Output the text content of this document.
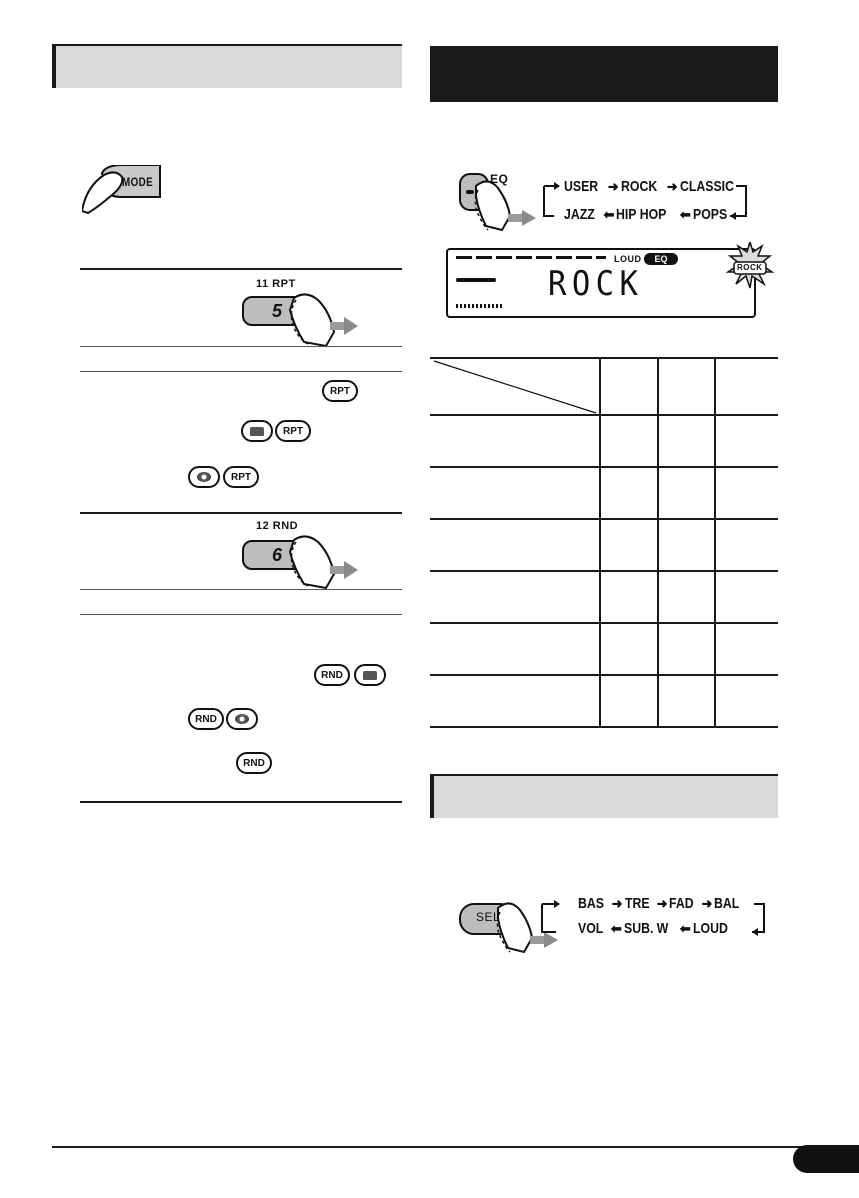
MODE
11 RPT
5
RPT
RPT
RPT
12 RND
6
RND
RND
RND
EQ	USER ➜ ROCK ➜ CLASSIC
JAZZ ⬅ HIP HOP ⬅ POPS
LOUD	EQ
ROCK	ROCK

SEL
BAS ➜ TRE ➜ FAD ➜ BAL
VOL ⬅ SUB. W ⬅ LOUD
